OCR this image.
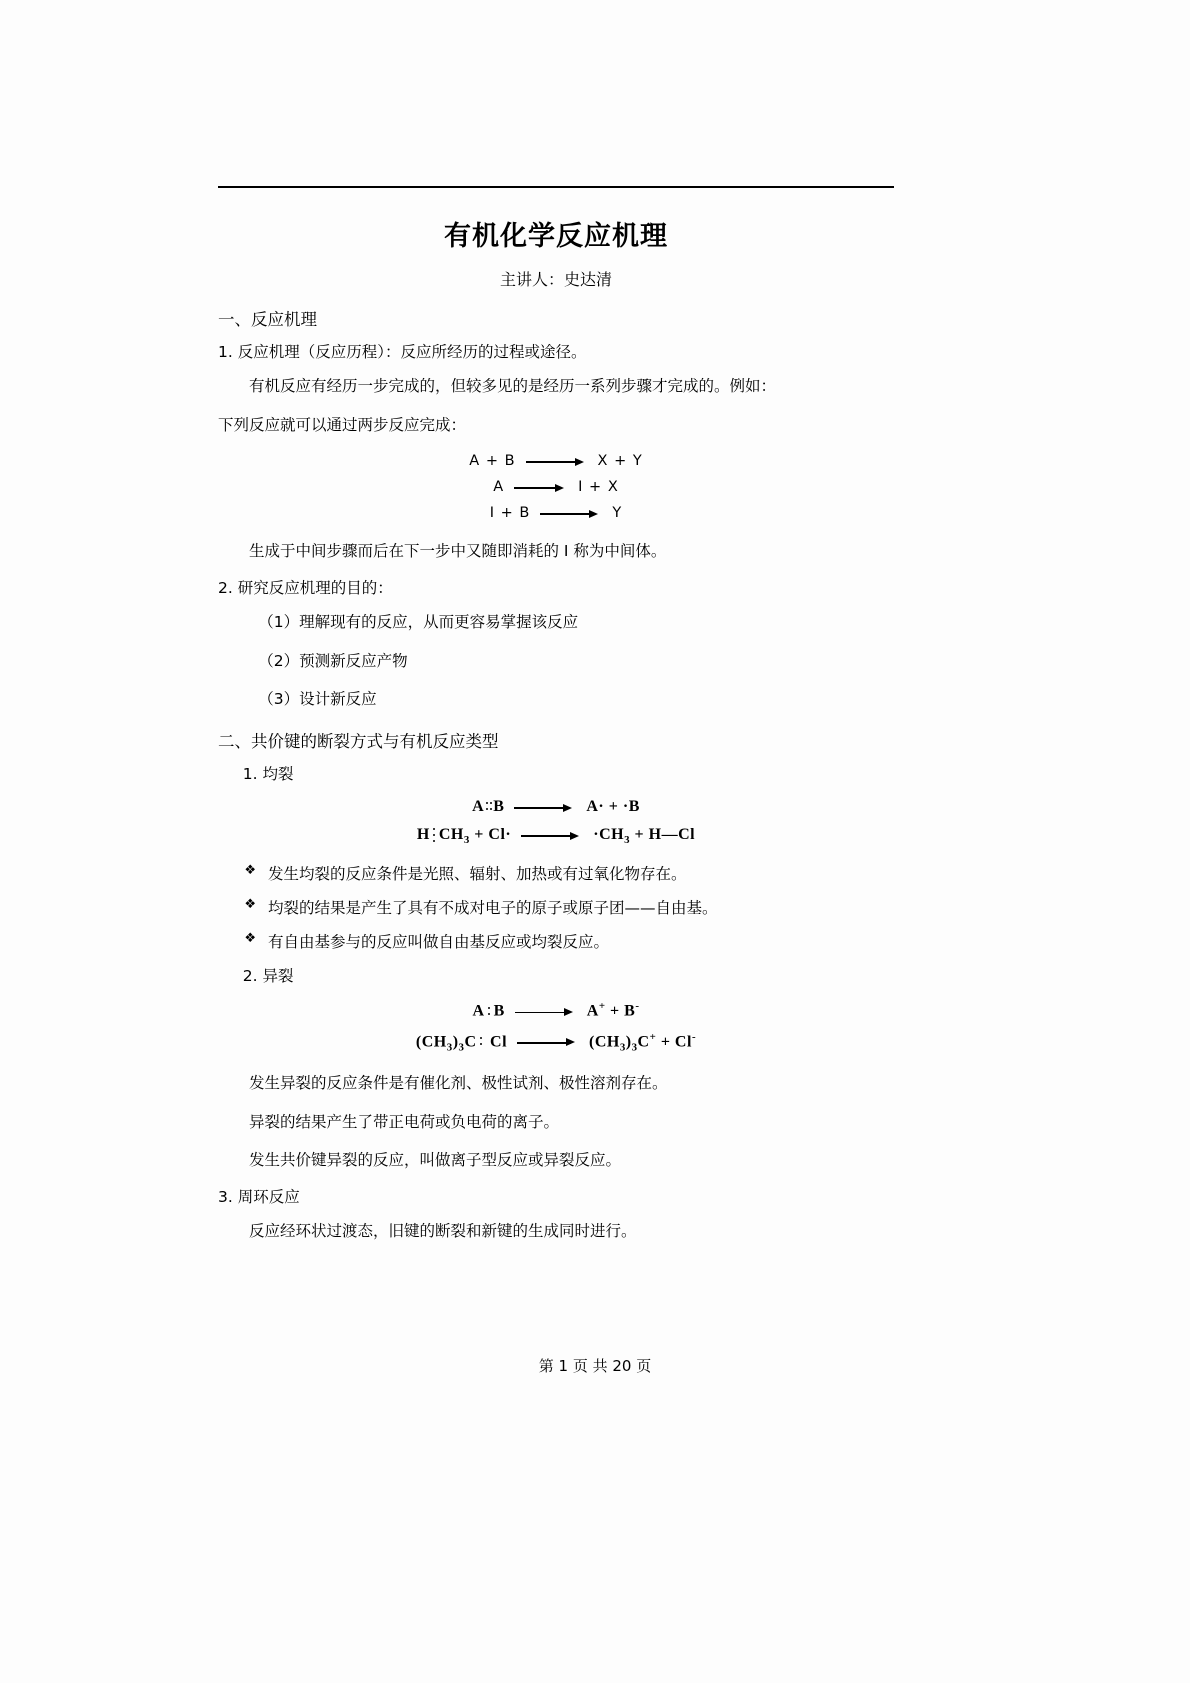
有机化学反应机理
主讲人：史达清
一、反应机理
1. 反应机理（反应历程）：反应所经历的过程或途径。
有机反应有经历一步完成的，但较多见的是经历一系列步骤才完成的。例如：
下列反应就可以通过两步反应完成：
A + B	X + Y
A	I + X
I + B	Y
生成于中间步骤而后在下一步中又随即消耗的 I 称为中间体。
2. 研究反应机理的目的：
（1）理解现有的反应，从而更容易掌握该反应
（2）预测新反应产物
（3）设计新反应
二、共价键的断裂方式与有机反应类型
1. 均裂
A B	A· + ·B
H $CH_3 + Cl\cdot$	$\cdot CH_3$ + H—Cl
❖ 发生均裂的反应条件是光照、辐射、加热或有过氧化物存在。
❖ 均裂的结果是产生了具有不成对电子的原子或原子团——自由基。
❖ 有自由基参与的反应叫做自由基反应或均裂反应。
2. 异裂
A B	A+ + B-
$(CH_3)_3C$
Cl	$(CH_3)_3C^+ + Cl^-$
发生异裂的反应条件是有催化剂、极性试剂、极性溶剂存在。
异裂的结果产生了带正电荷或负电荷的离子。
发生共价键异裂的反应，叫做离子型反应或异裂反应。
3. 周环反应
反应经环状过渡态，旧键的断裂和新键的生成同时进行。
第 1 页 共 20 页
